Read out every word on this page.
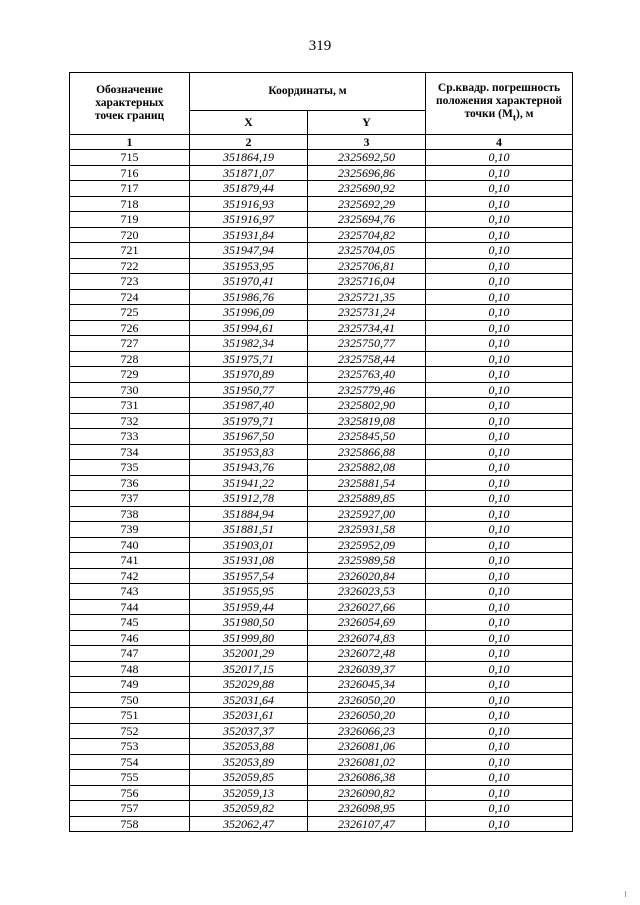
319
Обозначение
характерных
точек границ	Координаты, м		Ср.квадр. погрешность
положения характерной
точки $(M_t)$, м
	X	Y	
1	2	3	4
715	351864,19	2325692,50	0,10
716	351871,07	2325696,86	0,10
717	351879,44	2325690,92	0,10
718	351916,93	2325692,29	0,10
719	351916,97	2325694,76	0,10
720	351931,84	2325704,82	0,10
721	351947,94	2325704,05	0,10
722	351953,95	2325706,81	0,10
723	351970,41	2325716,04	0,10
724	351986,76	2325721,35	0,10
725	351996,09	2325731,24	0,10
726	351994,61	2325734,41	0,10
727	351982,34	2325750,77	0,10
728	351975,71	2325758,44	0,10
729	351970,89	2325763,40	0,10
730	351950,77	2325779,46	0,10
731	351987,40	2325802,90	0,10
732	351979,71	2325819,08	0,10
733	351967,50	2325845,50	0,10
734	351953,83	2325866,88	0,10
735	351943,76	2325882,08	0,10
736	351941,22	2325881,54	0,10
737	351912,78	2325889,85	0,10
738	351884,94	2325927,00	0,10
739	351881,51	2325931,58	0,10
740	351903,01	2325952,09	0,10
741	351931,08	2325989,58	0,10
742	351957,54	2326020,84	0,10
743	351955,95	2326023,53	0,10
744	351959,44	2326027,66	0,10
745	351980,50	2326054,69	0,10
746	351999,80	2326074,83	0,10
747	352001,29	2326072,48	0,10
748	352017,15	2326039,37	0,10
749	352029,88	2326045,34	0,10
750	352031,64	2326050,20	0,10
751	352031,61	2326050,20	0,10
752	352037,37	2326066,23	0,10
753	352053,88	2326081,06	0,10
754	352053,89	2326081,02	0,10
755	352059,85	2326086,38	0,10
756	352059,13	2326090,82	0,10
757	352059,82	2326098,95	0,10
758	352062,47	2326107,47	0,10
